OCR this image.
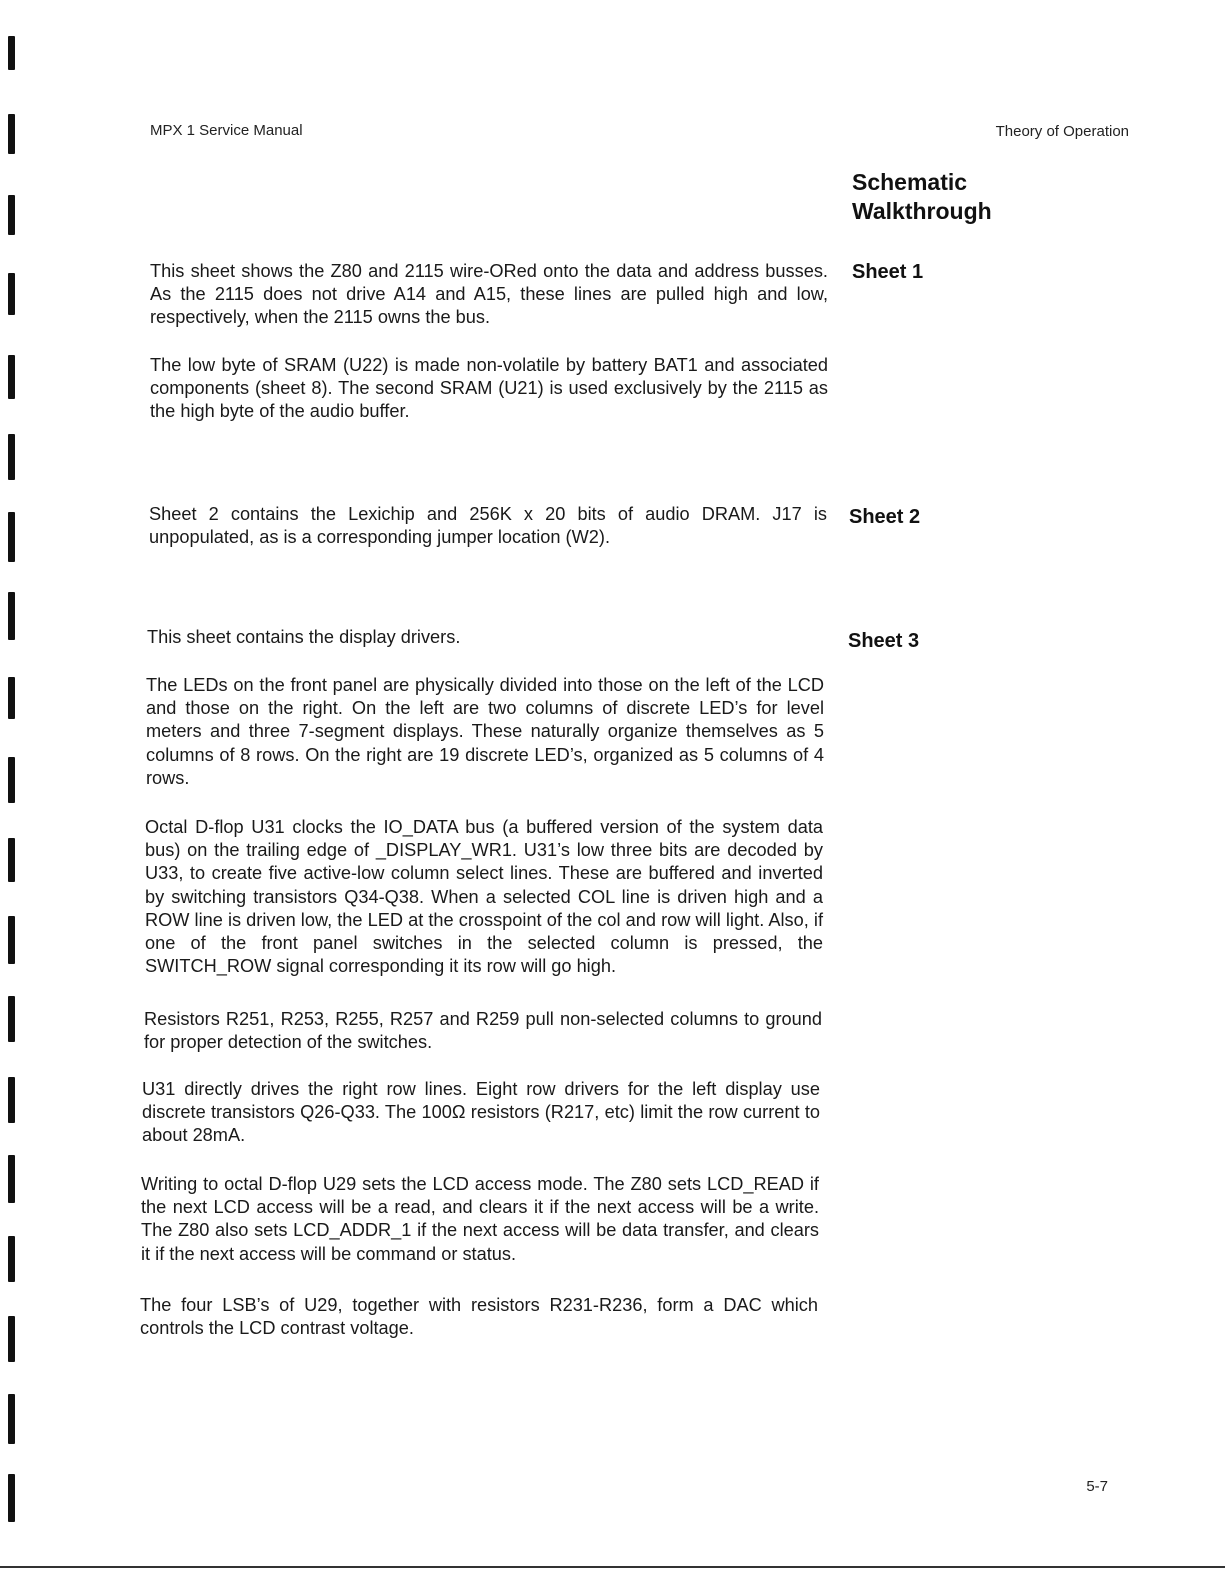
MPX 1 Service Manual	Theory of Operation
Schematic Walkthrough
Sheet 1
Sheet 2
Sheet 3

This sheet shows the Z80 and 2115 wire-ORed onto the data and address busses. As the 2115 does not drive A14 and A15, these lines are pulled high and low, respectively, when the 2115 owns the bus.

The low byte of SRAM (U22) is made non-volatile by battery BAT1 and associated components (sheet 8). The second SRAM (U21) is used exclusively by the 2115 as the high byte of the audio buffer.

Sheet 2 contains the Lexichip and 256K x 20 bits of audio DRAM. J17 is unpopulated, as is a corresponding jumper location (W2).

This sheet contains the display drivers.

The LEDs on the front panel are physically divided into those on the left of the LCD and those on the right. On the left are two columns of discrete LED’s for level meters and three 7-segment displays. These naturally organize themselves as 5 columns of 8 rows. On the right are 19 discrete LED’s, organized as 5 columns of 4 rows.

Octal D-flop U31 clocks the IO_DATA bus (a buffered version of the system data bus) on the trailing edge of _DISPLAY_WR1. U31’s low three bits are decoded by U33, to create five active-low column select lines. These are buffered and inverted by switching transistors Q34-Q38. When a selected COL line is driven high and a ROW line is driven low, the LED at the crosspoint of the col and row will light. Also, if one of the front panel switches in the selected column is pressed, the SWITCH_ROW signal corresponding it its row will go high.

Resistors R251, R253, R255, R257 and R259 pull non-selected columns to ground for proper detection of the switches.

U31 directly drives the right row lines. Eight row drivers for the left display use discrete transistors Q26-Q33. The 100Ω resistors (R217, etc) limit the row current to about 28mA.

Writing to octal D-flop U29 sets the LCD access mode. The Z80 sets LCD_READ if the next LCD access will be a read, and clears it if the next access will be a write. The Z80 also sets LCD_ADDR_1 if the next access will be data transfer, and clears it if the next access will be command or status.

The four LSB’s of U29, together with resistors R231-R236, form a DAC which controls the LCD contrast voltage.

5-7
